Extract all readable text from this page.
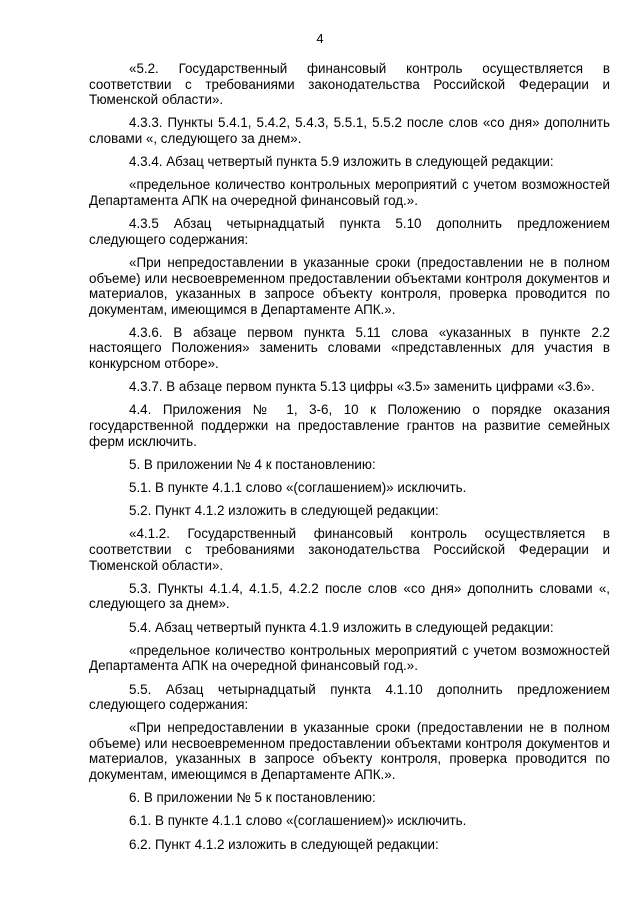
4

«5.2. Государственный финансовый контроль осуществляется в соответствии с требованиями законодательства Российской Федерации и Тюменской области».

4.3.3. Пункты 5.4.1, 5.4.2, 5.4.3, 5.5.1, 5.5.2 после слов «со дня» дополнить словами «, следующего за днем».

4.3.4. Абзац четвертый пункта 5.9 изложить в следующей редакции:

«предельное количество контрольных мероприятий с учетом возможностей Департамента АПК на очередной финансовый год.».

4.3.5 Абзац четырнадцатый пункта 5.10 дополнить предложением следующего содержания:

«При непредоставлении в указанные сроки (предоставлении не в полном объеме) или несвоевременном предоставлении объектами контроля документов и материалов, указанных в запросе объекту контроля, проверка проводится по документам, имеющимся в Департаменте АПК.».

4.3.6. В абзаце первом пункта 5.11 слова «указанных в пункте 2.2 настоящего Положения» заменить словами «представленных для участия в конкурсном отборе».

4.3.7. В абзаце первом пункта 5.13 цифры «3.5» заменить цифрами «3.6».

4.4. Приложения № 1, 3-6, 10 к Положению о порядке оказания государственной поддержки на предоставление грантов на развитие семейных ферм исключить.

5. В приложении № 4 к постановлению:

5.1. В пункте 4.1.1 слово «(соглашением)» исключить.

5.2. Пункт 4.1.2 изложить в следующей редакции:

«4.1.2. Государственный финансовый контроль осуществляется в соответствии с требованиями законодательства Российской Федерации и Тюменской области».

5.3. Пункты 4.1.4, 4.1.5, 4.2.2 после слов «со дня» дополнить словами «, следующего за днем».

5.4. Абзац четвертый пункта 4.1.9 изложить в следующей редакции:

«предельное количество контрольных мероприятий с учетом возможностей Департамента АПК на очередной финансовый год.».

5.5. Абзац четырнадцатый пункта 4.1.10 дополнить предложением следующего содержания:

«При непредоставлении в указанные сроки (предоставлении не в полном объеме) или несвоевременном предоставлении объектами контроля документов и материалов, указанных в запросе объекту контроля, проверка проводится по документам, имеющимся в Департаменте АПК.».

6. В приложении № 5 к постановлению:

6.1. В пункте 4.1.1 слово «(соглашением)» исключить.

6.2. Пункт 4.1.2 изложить в следующей редакции:
